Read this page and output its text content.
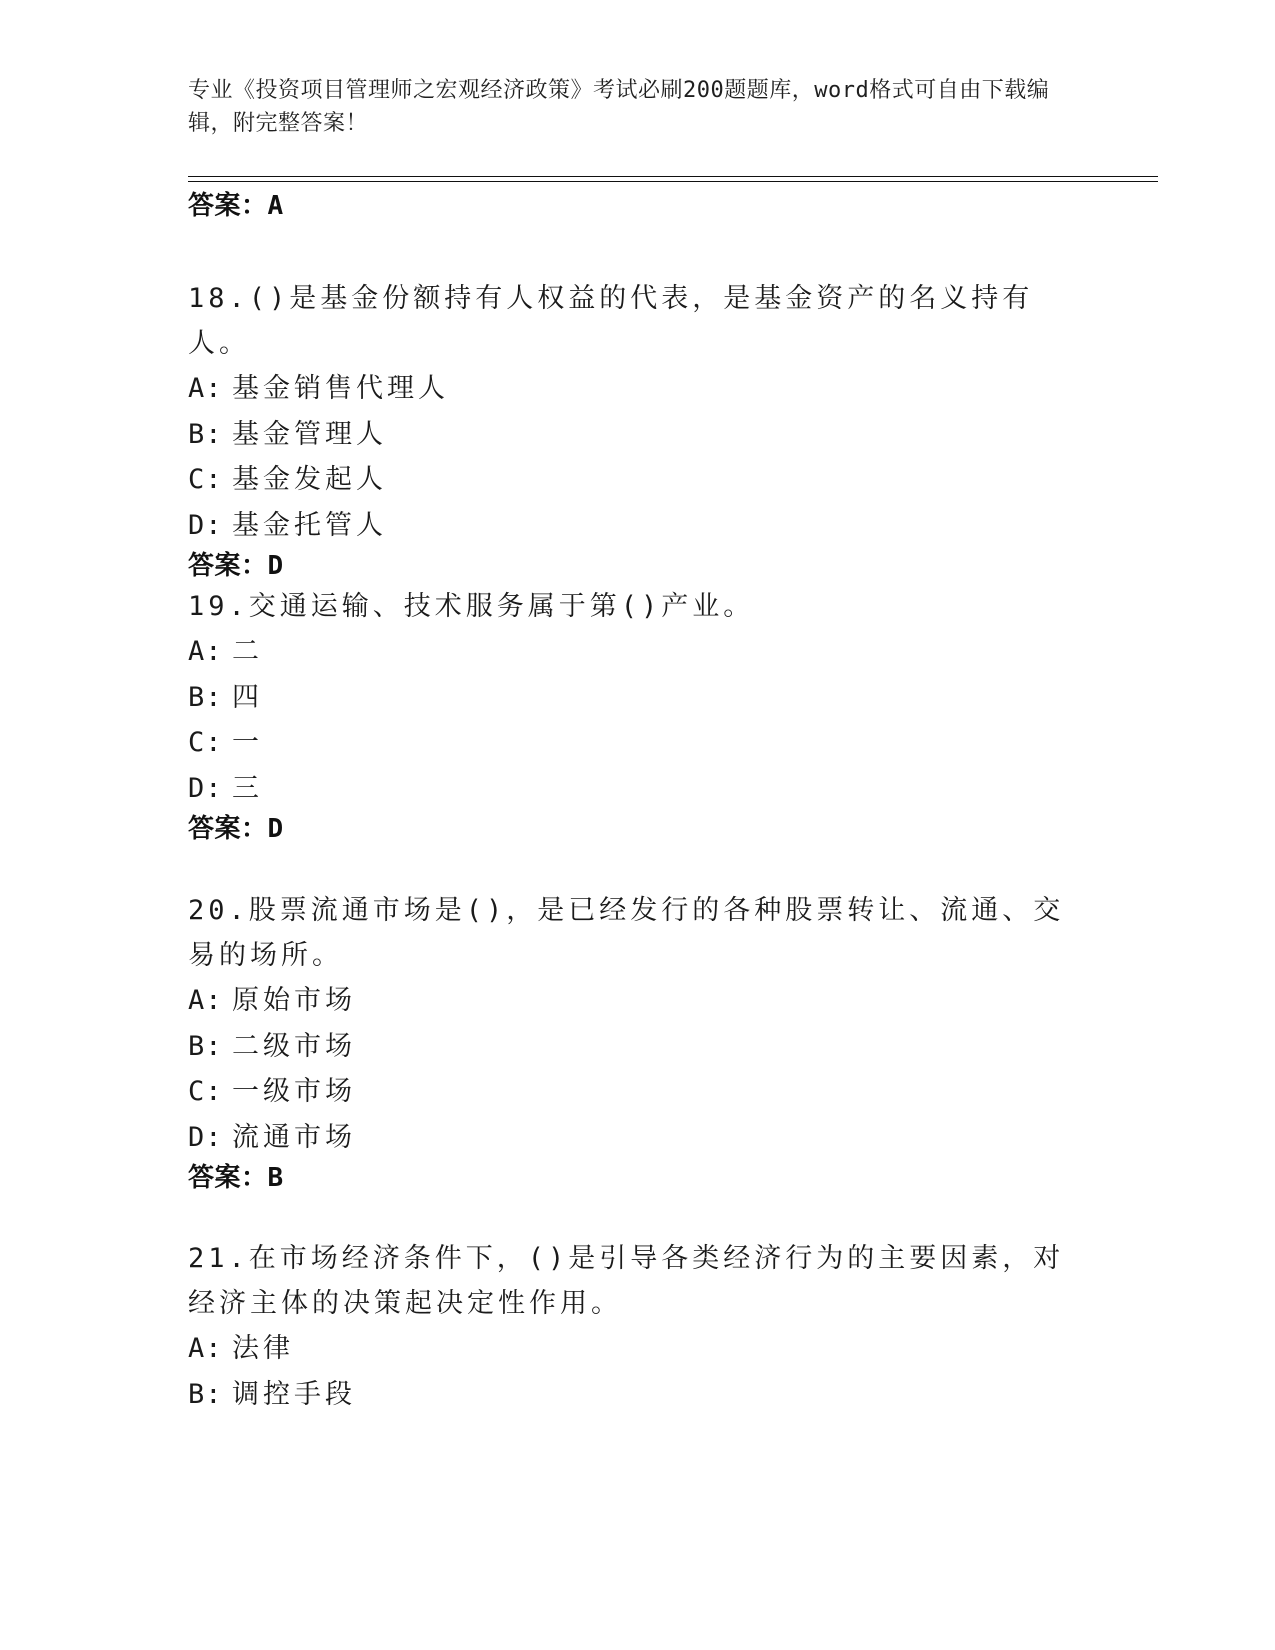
专业《投资项目管理师之宏观经济政策》考试必刷200题题库，word格式可自由下载编辑，附完整答案！
答案：A

18.()是基金份额持有人权益的代表，是基金资产的名义持有人。

A: 基金销售代理人
B: 基金管理人
C: 基金发起人
D: 基金托管人
答案：D

19.交通运输、技术服务属于第()产业。

A: 二
B: 四
C: 一
D: 三
答案：D

20.股票流通市场是()，是已经发行的各种股票转让、流通、交易的场所。

A: 原始市场
B: 二级市场
C: 一级市场
D: 流通市场
答案：B

21.在市场经济条件下，()是引导各类经济行为的主要因素，对经济主体的决策起决定性作用。

A: 法律
B: 调控手段
